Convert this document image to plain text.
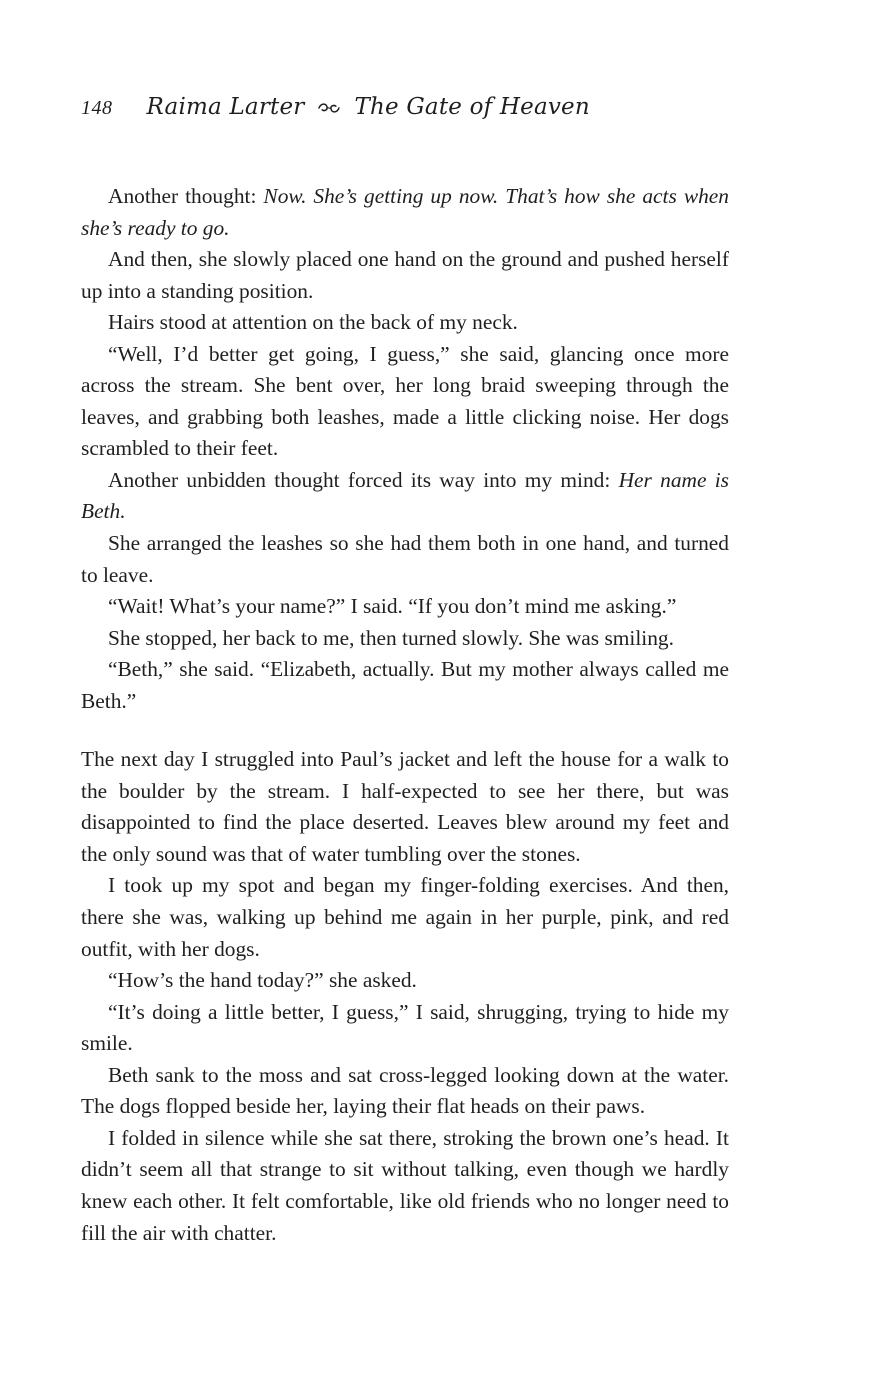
148 Raima Larter The Gate of Heaven

Another thought: Now. She’s getting up now. That’s how she acts when she’s ready to go.

And then, she slowly placed one hand on the ground and pushed herself up into a standing position.

Hairs stood at attention on the back of my neck.

“Well, I’d better get going, I guess,” she said, glancing once more across the stream. She bent over, her long braid sweeping through the leaves, and grabbing both leashes, made a little clicking noise. Her dogs scrambled to their feet.

Another unbidden thought forced its way into my mind: Her name is Beth.

She arranged the leashes so she had them both in one hand, and turned to leave.

“Wait! What’s your name?” I said. “If you don’t mind me asking.”

She stopped, her back to me, then turned slowly. She was smiling.

“Beth,” she said. “Elizabeth, actually. But my mother always called me Beth.”

The next day I struggled into Paul’s jacket and left the house for a walk to the boulder by the stream. I half-expected to see her there, but was disappointed to find the place deserted. Leaves blew around my feet and the only sound was that of water tumbling over the stones.

I took up my spot and began my finger-folding exercises. And then, there she was, walking up behind me again in her purple, pink, and red outfit, with her dogs.

“How’s the hand today?” she asked.

“It’s doing a little better, I guess,” I said, shrugging, trying to hide my smile.

Beth sank to the moss and sat cross-legged looking down at the water. The dogs flopped beside her, laying their flat heads on their paws.

I folded in silence while she sat there, stroking the brown one’s head. It didn’t seem all that strange to sit without talking, even though we hardly knew each other. It felt comfortable, like old friends who no longer need to fill the air with chatter.
